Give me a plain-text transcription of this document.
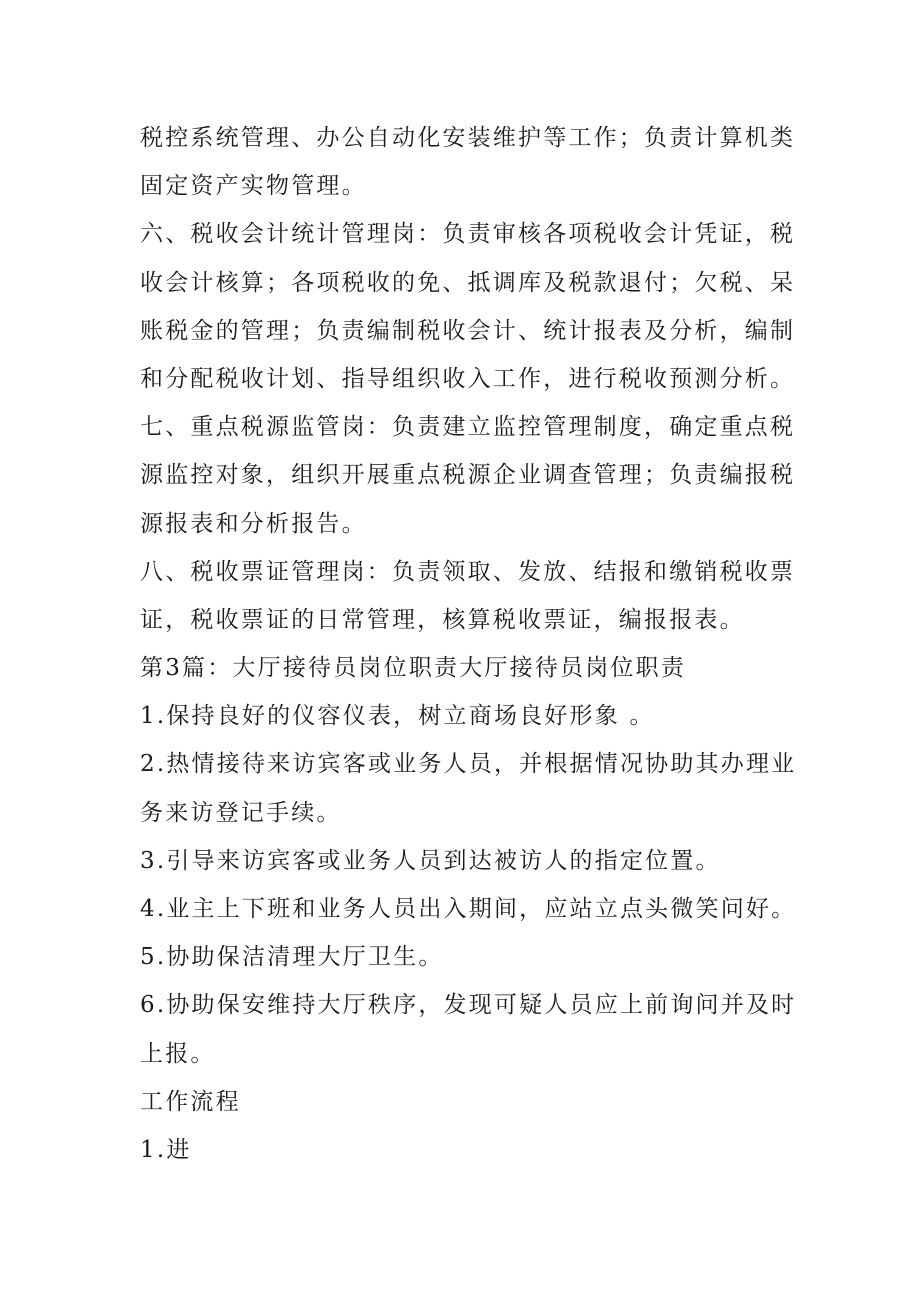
税控系统管理、办公自动化安装维护等工作；负责计算机类

固定资产实物管理。

六、税收会计统计管理岗：负责审核各项税收会计凭证，税

收会计核算；各项税收的免、抵调库及税款退付；欠税、呆

账税金的管理；负责编制税收会计、统计报表及分析，编制

和分配税收计划、指导组织收入工作，进行税收预测分析。

七、重点税源监管岗：负责建立监控管理制度，确定重点税

源监控对象，组织开展重点税源企业调查管理；负责编报税

源报表和分析报告。

八、税收票证管理岗：负责领取、发放、结报和缴销税收票

证，税收票证的日常管理，核算税收票证，编报报表。

第3篇：大厅接待员岗位职责大厅接待员岗位职责

1.保持良好的仪容仪表，树立商场良好形象 。

2.热情接待来访宾客或业务人员，并根据情况协助其办理业

务来访登记手续。

3.引导来访宾客或业务人员到达被访人的指定位置。

4.业主上下班和业务人员出入期间，应站立点头微笑问好。

5.协助保洁清理大厅卫生。

6.协助保安维持大厅秩序，发现可疑人员应上前询问并及时

上报。

工作流程

1.进
